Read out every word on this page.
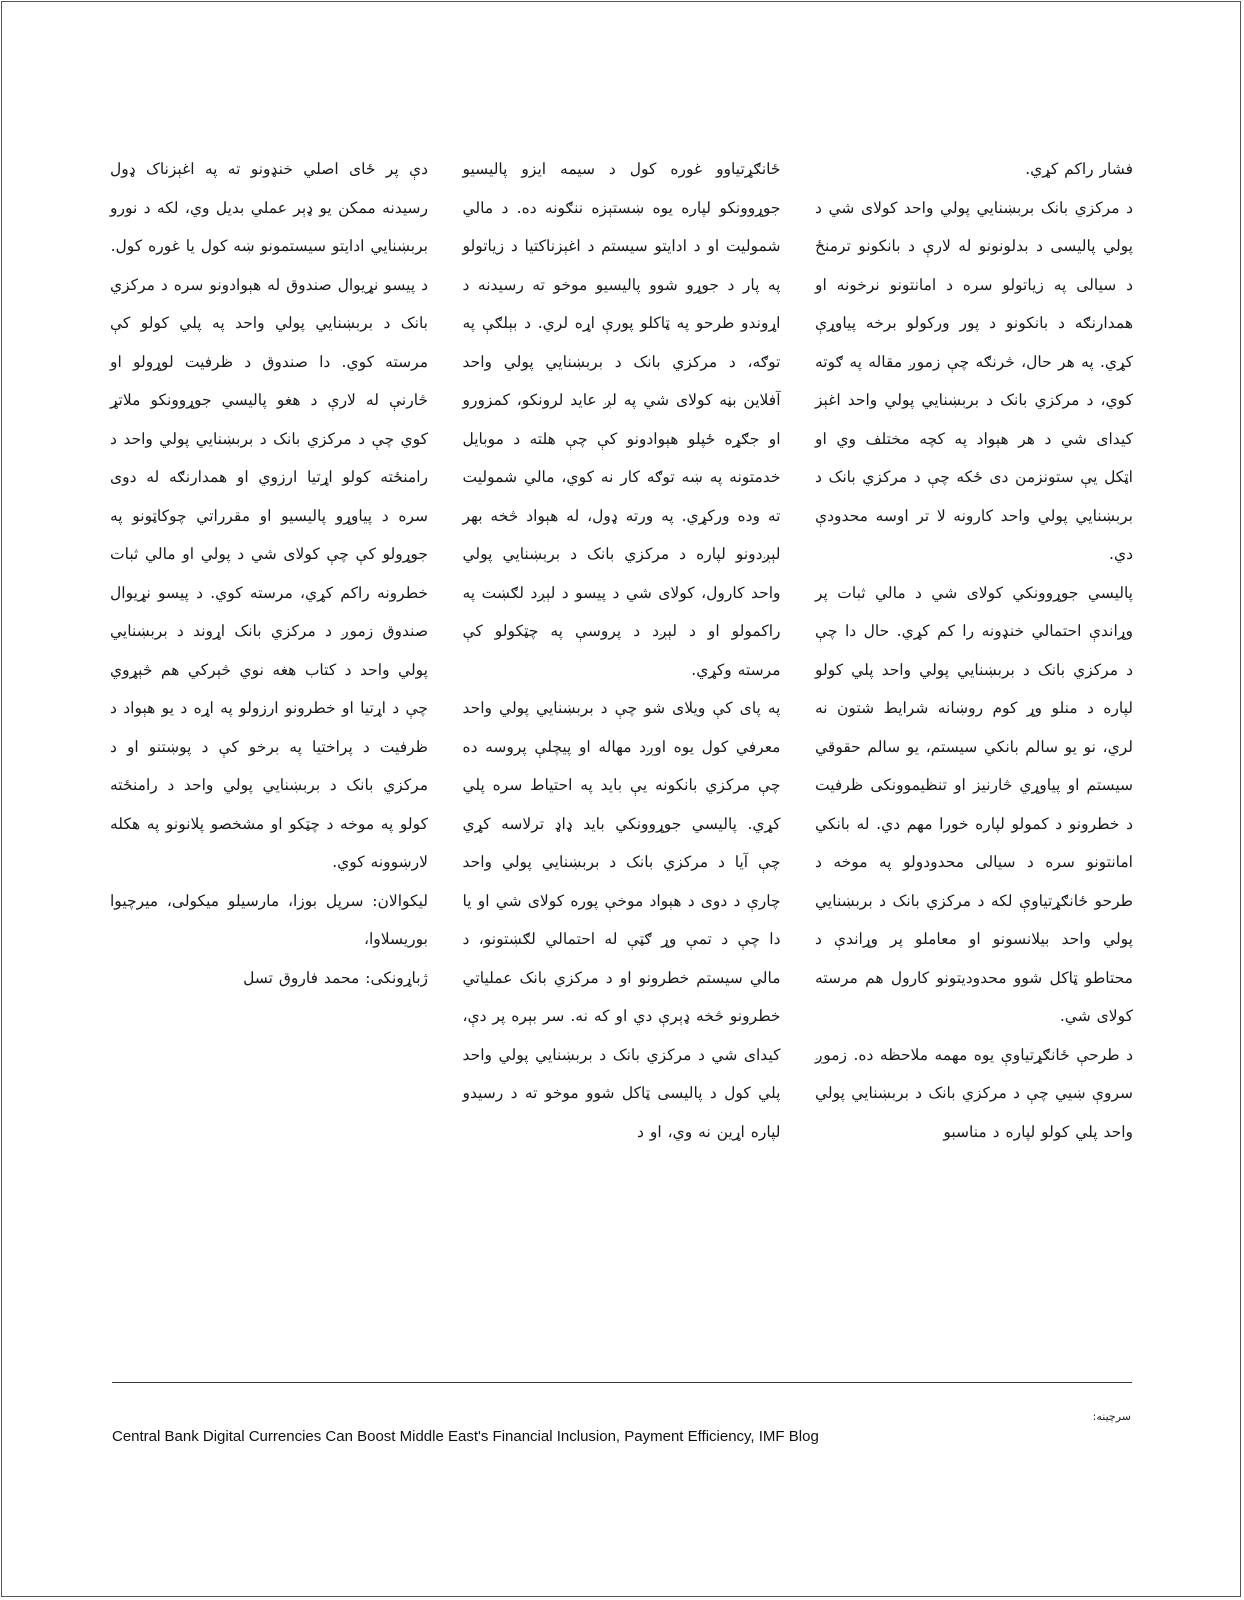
فشار راکم کړي.

د مرکزي بانک بربښنايي پولي واحد کولای شي د پولي پالیسی د بدلونونو له لارې د بانکونو ترمنځ د سیالی په زیاتولو سره د امانتونو نرخونه او همدارنګه د بانکونو د پور ورکولو برخه پیاوړې کړي. په هر حال، څرنګه چې زموږ مقاله په ګوته کوي، د مرکزي بانک د بربښنايي پولي واحد اغېز کیدای شي د هر هېواد په کچه مختلف وي او اټکل یې ستونزمن دی ځکه چې د مرکزي بانک د بربښنايي پولي واحد کارونه لا تر اوسه محدودې دي.

پالیسي جوړوونکي کولای شي د مالي ثبات پر وړاندې احتمالي خنډونه را کم کړي. حال دا چې د مرکزي بانک د بربښنايي پولي واحد پلي کولو لپاره د منلو وړ کوم روښانه شرایط شتون نه لري، نو یو سالم بانکي سیستم، یو سالم حقوقي سیستم او پیاوړي څارنیز او تنظیموونکی ظرفیت د خطرونو د کمولو لپاره خورا مهم دي. له بانکي امانتونو سره د سیالی محدودولو په موخه د طرحو ځانګړتیاوې لکه د مرکزي بانک د بربښنايي پولي واحد بیلانسونو او معاملو پر وړاندې د محتاطو ټاکل شوو محدودیتونو کارول هم مرسته کولای شي.

د طرحې ځانګړتیاوې یوه مهمه ملاحظه ده. زموږ سروې ښیي چې د مرکزي بانک د بربښنايي پولي واحد پلي کولو لپاره د مناسبو

ځانګړتیاوو غوره کول د سیمه ایزو پالیسیو جوړوونکو لپاره یوه ښستېزه ننګونه ده. د مالي شمولیت او د ادایتو سیستم د اغېزناکتیا د زیاتولو په پار د جوړو شوو پالیسیو موخو ته رسیدنه د اړوندو طرحو په ټاکلو پورې اړه لري. د بېلګې په توګه، د مرکزي بانک د بربښنايي پولي واحد آفلاین بڼه کولای شي په لږ عاید لرونکو، کمزورو او جګړه ځپلو هېوادونو کې چې هلته د موبایل خدمتونه په ښه توګه کار نه کوي، مالي شمولیت ته وده ورکړي. په ورته ډول، له هېواد څخه بهر لېږدونو لپاره د مرکزي بانک د بربښنايي پولي واحد کارول، کولای شي د پیسو د لېږد لګښت په راکمولو او د لېږد د پروسې په چټکولو کې مرسته وکړي.

په پای کې ویلای شو چې د بربښنايي پولي واحد معرفي کول یوه اوږد مهاله او پیچلې پروسه ده چې مرکزي بانکونه یې باید په احتیاط سره پلي کړي. پالیسي جوړوونکي باید ډاډ ترلاسه کړي چې آیا د مرکزي بانک د بربښنايي پولي واحد چارې د دوی د هېواد موخې پوره کولای شي او یا دا چې د تمې وړ ګټې له احتمالي لګښتونو، د مالي سیستم خطرونو او د مرکزي بانک عملیاتي خطرونو څخه ډېرې دي او که نه. سر بېره پر دې، کیدای شي د مرکزي بانک د بربښنايي پولي واحد پلي کول د پالیسی ټاکل شوو موخو ته د رسیدو لپاره اړین نه وي، او د

دې پر ځای اصلي خنډونو ته په اغېزناک ډول رسیدنه ممکن یو ډېر عملي بدیل وي، لکه د نورو بربښنايي ادایتو سیستمونو ښه کول یا غوره کول.

د پیسو نړیوال صندوق له هېوادونو سره د مرکزي بانک د بربښنايي پولي واحد په پلي کولو کې مرسته کوي. دا صندوق د ظرفیت لوړولو او څارنې له لارې د هغو پالیسي جوړوونکو ملاتړ کوي چې د مرکزي بانک د بربښنايي پولي واحد د رامنځته کولو اړتیا ارزوي او همدارنګه له دوی سره د پیاوړو پالیسیو او مقرراتي چوکاټونو په جوړولو کې چې کولای شي د پولي او مالي ثبات خطرونه راکم کړي، مرسته کوي. د پیسو نړیوال صندوق زموږ د مرکزي بانک اړوند د بربښنايي پولي واحد د کتاب هغه نوي څېرکي هم څېړوي چې د اړتیا او خطرونو ارزولو په اړه د یو هېواد د ظرفیت د پراختیا په برخو کې د پوښتنو او د مرکزي بانک د بربښنايي پولي واحد د رامنځته کولو په موخه د چټکو او مشخصو پلانونو په هکله لارښوونه کوي.

لیکوالان: سرپل بوزا، مارسیلو میکولی، میرچیوا بوریسلاوا،

ژباړونکی: محمد فاروق تسل

سرچینه:
Central Bank Digital Currencies Can Boost Middle East's Financial Inclusion, Payment Efficiency, IMF Blog
